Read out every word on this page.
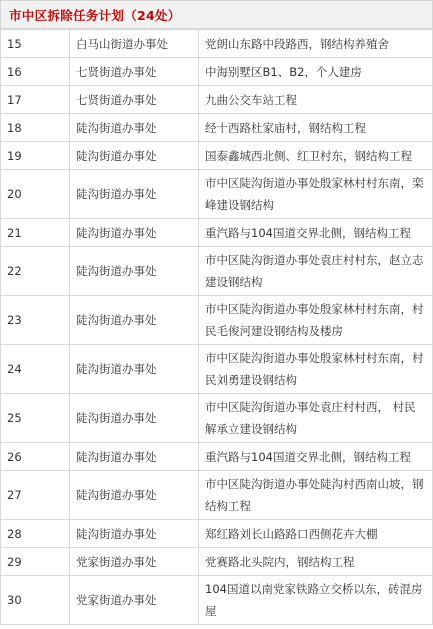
市中区拆除任务计划（24处）
15	白马山街道办事处	党朗山东路中段路西，钢结构养殖舍
16	七贤街道办事处	中海别墅区B1、B2，个人建房
17	七贤街道办事处	九曲公交车站工程
18	陡沟街道办事处	经十西路杜家庙村，钢结构工程
19	陡沟街道办事处	国泰鑫城西北侧、红卫村东，钢结构工程
20	陡沟街道办事处	市中区陡沟街道办事处殷家林村村东南，栾峰建设钢结构
21	陡沟街道办事处	重汽路与104国道交界北侧，钢结构工程
22	陡沟街道办事处	市中区陡沟街道办事处袁庄村村东，赵立志建设钢结构
23	陡沟街道办事处	市中区陡沟街道办事处殷家林村村东南，村民毛俊河建设钢结构及楼房
24	陡沟街道办事处	市中区陡沟街道办事处殷家林村村东南，村民刘勇建设钢结构
25	陡沟街道办事处	市中区陡沟街道办事处袁庄村村西， 村民解承立建设钢结构
26	陡沟街道办事处	重汽路与104国道交界北侧，钢结构工程
27	陡沟街道办事处	市中区陡沟街道办事处陡沟村西南山坡，钢结构工程
28	陡沟街道办事处	郑红路刘长山路路口西侧花卉大棚
29	党家街道办事处	党赛路北头院内，钢结构工程
30	党家街道办事处	104国道以南党家铁路立交桥以东，砖混房屋
